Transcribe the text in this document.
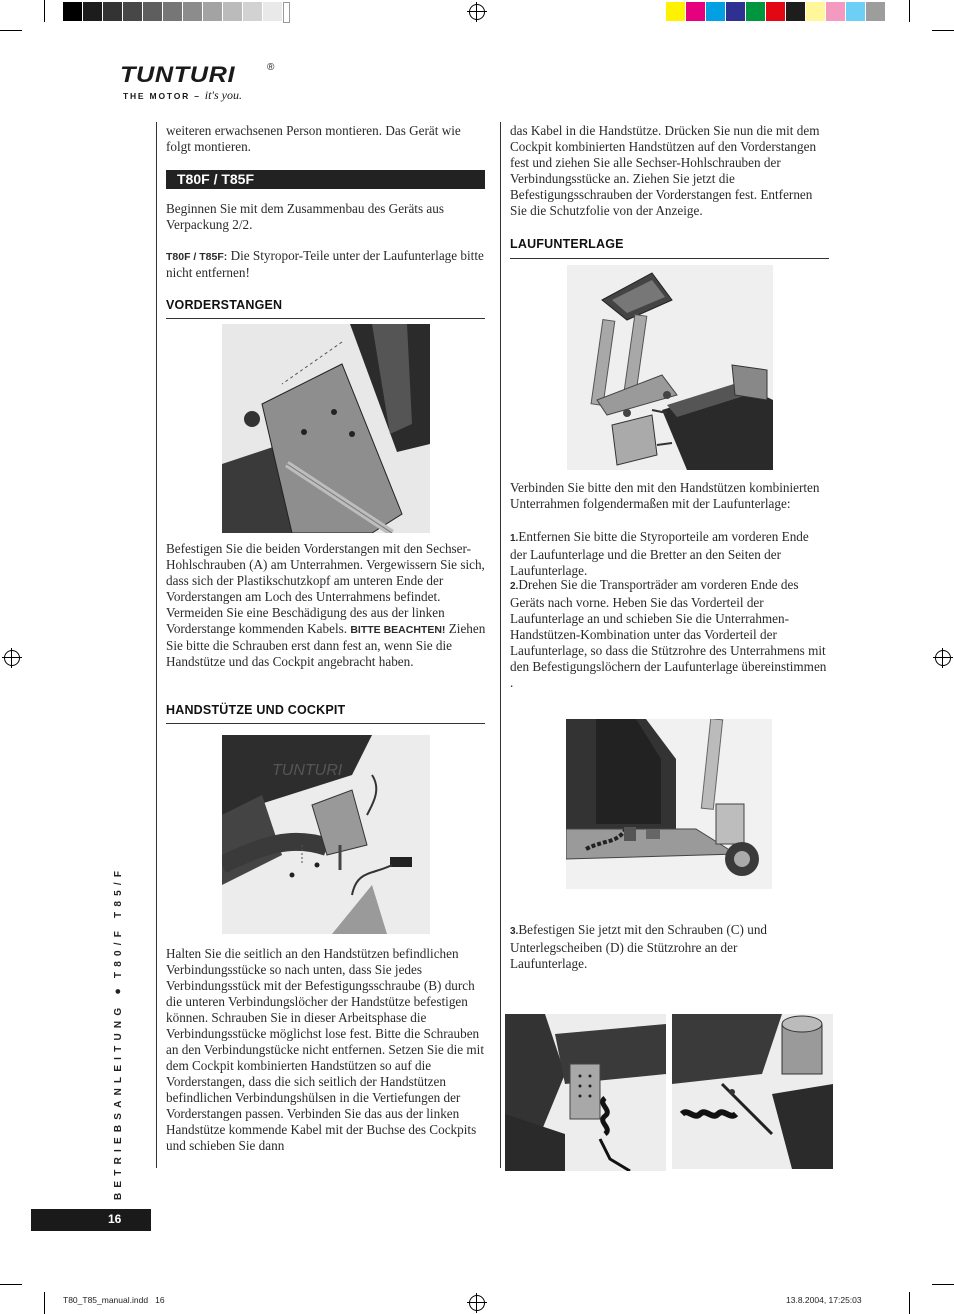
TUNTURI	®
THE MOTOR – it's you.
weiteren erwachsenen Person montieren. Das Gerät wie folgt montieren.
T80F / T85F
Beginnen Sie mit dem Zusammenbau des Geräts aus Verpackung 2/2.
T80F / T85F: Die Styropor-Teile unter der Laufunterlage bitte nicht entfernen!
VORDERSTANGEN
Befestigen Sie die beiden Vorderstangen mit den Sechser-Hohlschrauben (A) am Unterrahmen. Vergewissern Sie sich, dass sich der Plastikschutzkopf am unteren Ende der Vorderstangen am Loch des Unterrahmens befindet. Vermeiden Sie eine Beschädigung des aus der linken Vorderstange kommenden Kabels. BITTE BEACHTEN! Ziehen Sie bitte die Schrauben erst dann fest an, wenn Sie die Handstütze und das Cockpit angebracht haben.
HANDSTÜTZE UND COCKPIT
TUNTURI
Halten Sie die seitlich an den Handstützen befindlichen Verbindungsstücke so nach unten, dass Sie jedes Verbindungsstück mit der Befestigungsschraube (B) durch die unteren Verbindungslöcher der Handstütze befestigen können. Schrauben Sie in dieser Arbeitsphase die Verbindungsstücke möglichst lose fest. Bitte die Schrauben an den Verbindungstücke nicht entfernen. Setzen Sie die mit dem Cockpit kombinierten Handstützen so auf die Vorderstangen, dass die sich seitlich der Handstützen befindlichen Verbindungshülsen in die Vertiefungen der Vorderstangen passen. Verbinden Sie das aus der linken Handstütze kommende Kabel mit der Buchse des Cockpits und schieben Sie dann
das Kabel in die Handstütze. Drücken Sie nun die mit dem Cockpit kombinierten Handstützen auf den Vorderstangen fest und ziehen Sie alle Sechser-Hohlschrauben der Verbindungsstücke an. Ziehen Sie jetzt die Befestigungsschrauben der Vorderstangen fest. Entfernen Sie die Schutzfolie von der Anzeige.
LAUFUNTERLAGE
Verbinden Sie bitte den mit den Handstützen kombinierten Unterrahmen folgendermaßen mit der Laufunterlage:
1.Entfernen Sie bitte die Styroporteile am vorderen Ende der Laufunterlage und die Bretter an den Seiten der Laufunterlage.
2.Drehen Sie die Transporträder am vorderen Ende des Geräts nach vorne. Heben Sie das Vorderteil der Laufunterlage an und schieben Sie die Unterrahmen-Handstützen-Kombination unter das Vorderteil der Laufunterlage, so dass die Stützrohre des Unterrahmens mit den Befestigungslöchern der Laufunterlage übereinstimmen .
3.Befestigen Sie jetzt mit den Schrauben (C) und Unterlegscheiben (D) die Stützrohre an der Laufunterlage.
BETRIEBSANLEITUNG ● T80/F T85/F
16
T80_T85_manual.indd   16	13.8.2004, 17:25:03
